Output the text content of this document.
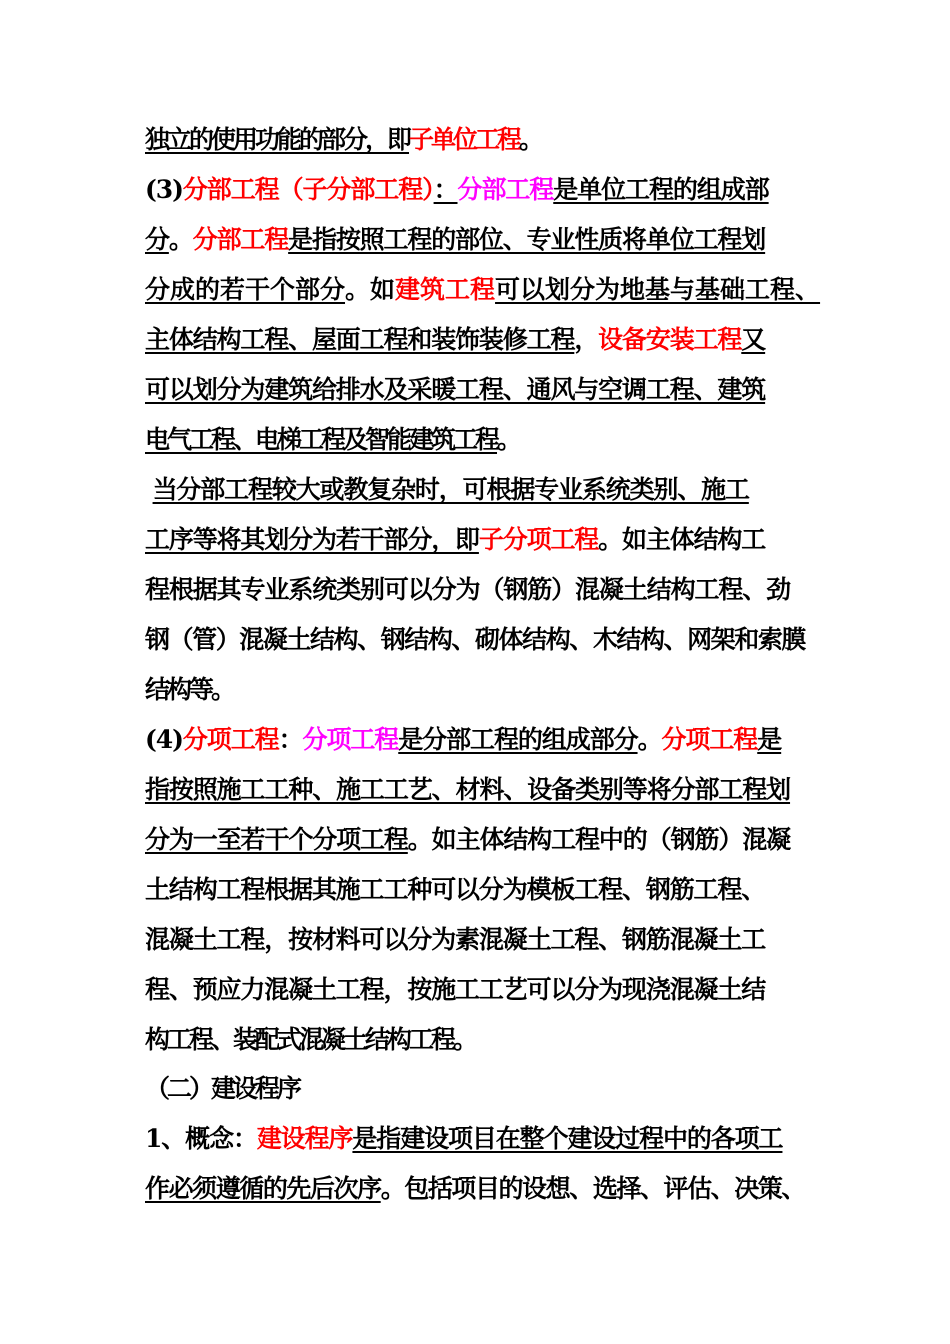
独立的使用功能的部分，即子单位工程。
(3)分部工程（子分部工程）：分部工程是单位工程的组成部
分。分部工程是指按照工程的部位、专业性质将单位工程划
分成的若干个部分。如建筑工程可以划分为地基与基础工程、
主体结构工程、屋面工程和装饰装修工程，设备安装工程又
可以划分为建筑给排水及采暖工程、通风与空调工程、建筑
电气工程、电梯工程及智能建筑工程。
当分部工程较大或教复杂时，可根据专业系统类别、施工
工序等将其划分为若干部分，即子分项工程。如主体结构工
程根据其专业系统类别可以分为（钢筋）混凝土结构工程、劲
钢（管）混凝土结构、钢结构、砌体结构、木结构、网架和索膜
结构等。
(4)分项工程：分项工程是分部工程的组成部分。分项工程是
指按照施工工种、施工工艺、材料、设备类别等将分部工程划
分为一至若干个分项工程。如主体结构工程中的（钢筋）混凝
土结构工程根据其施工工种可以分为模板工程、钢筋工程、
混凝土工程，按材料可以分为素混凝土工程、钢筋混凝土工
程、预应力混凝土工程，按施工工艺可以分为现浇混凝土结
构工程、装配式混凝土结构工程。
（二）建设程序
1、概念：建设程序是指建设项目在整个建设过程中的各项工
作必须遵循的先后次序。包括项目的设想、选择、评估、决策、
